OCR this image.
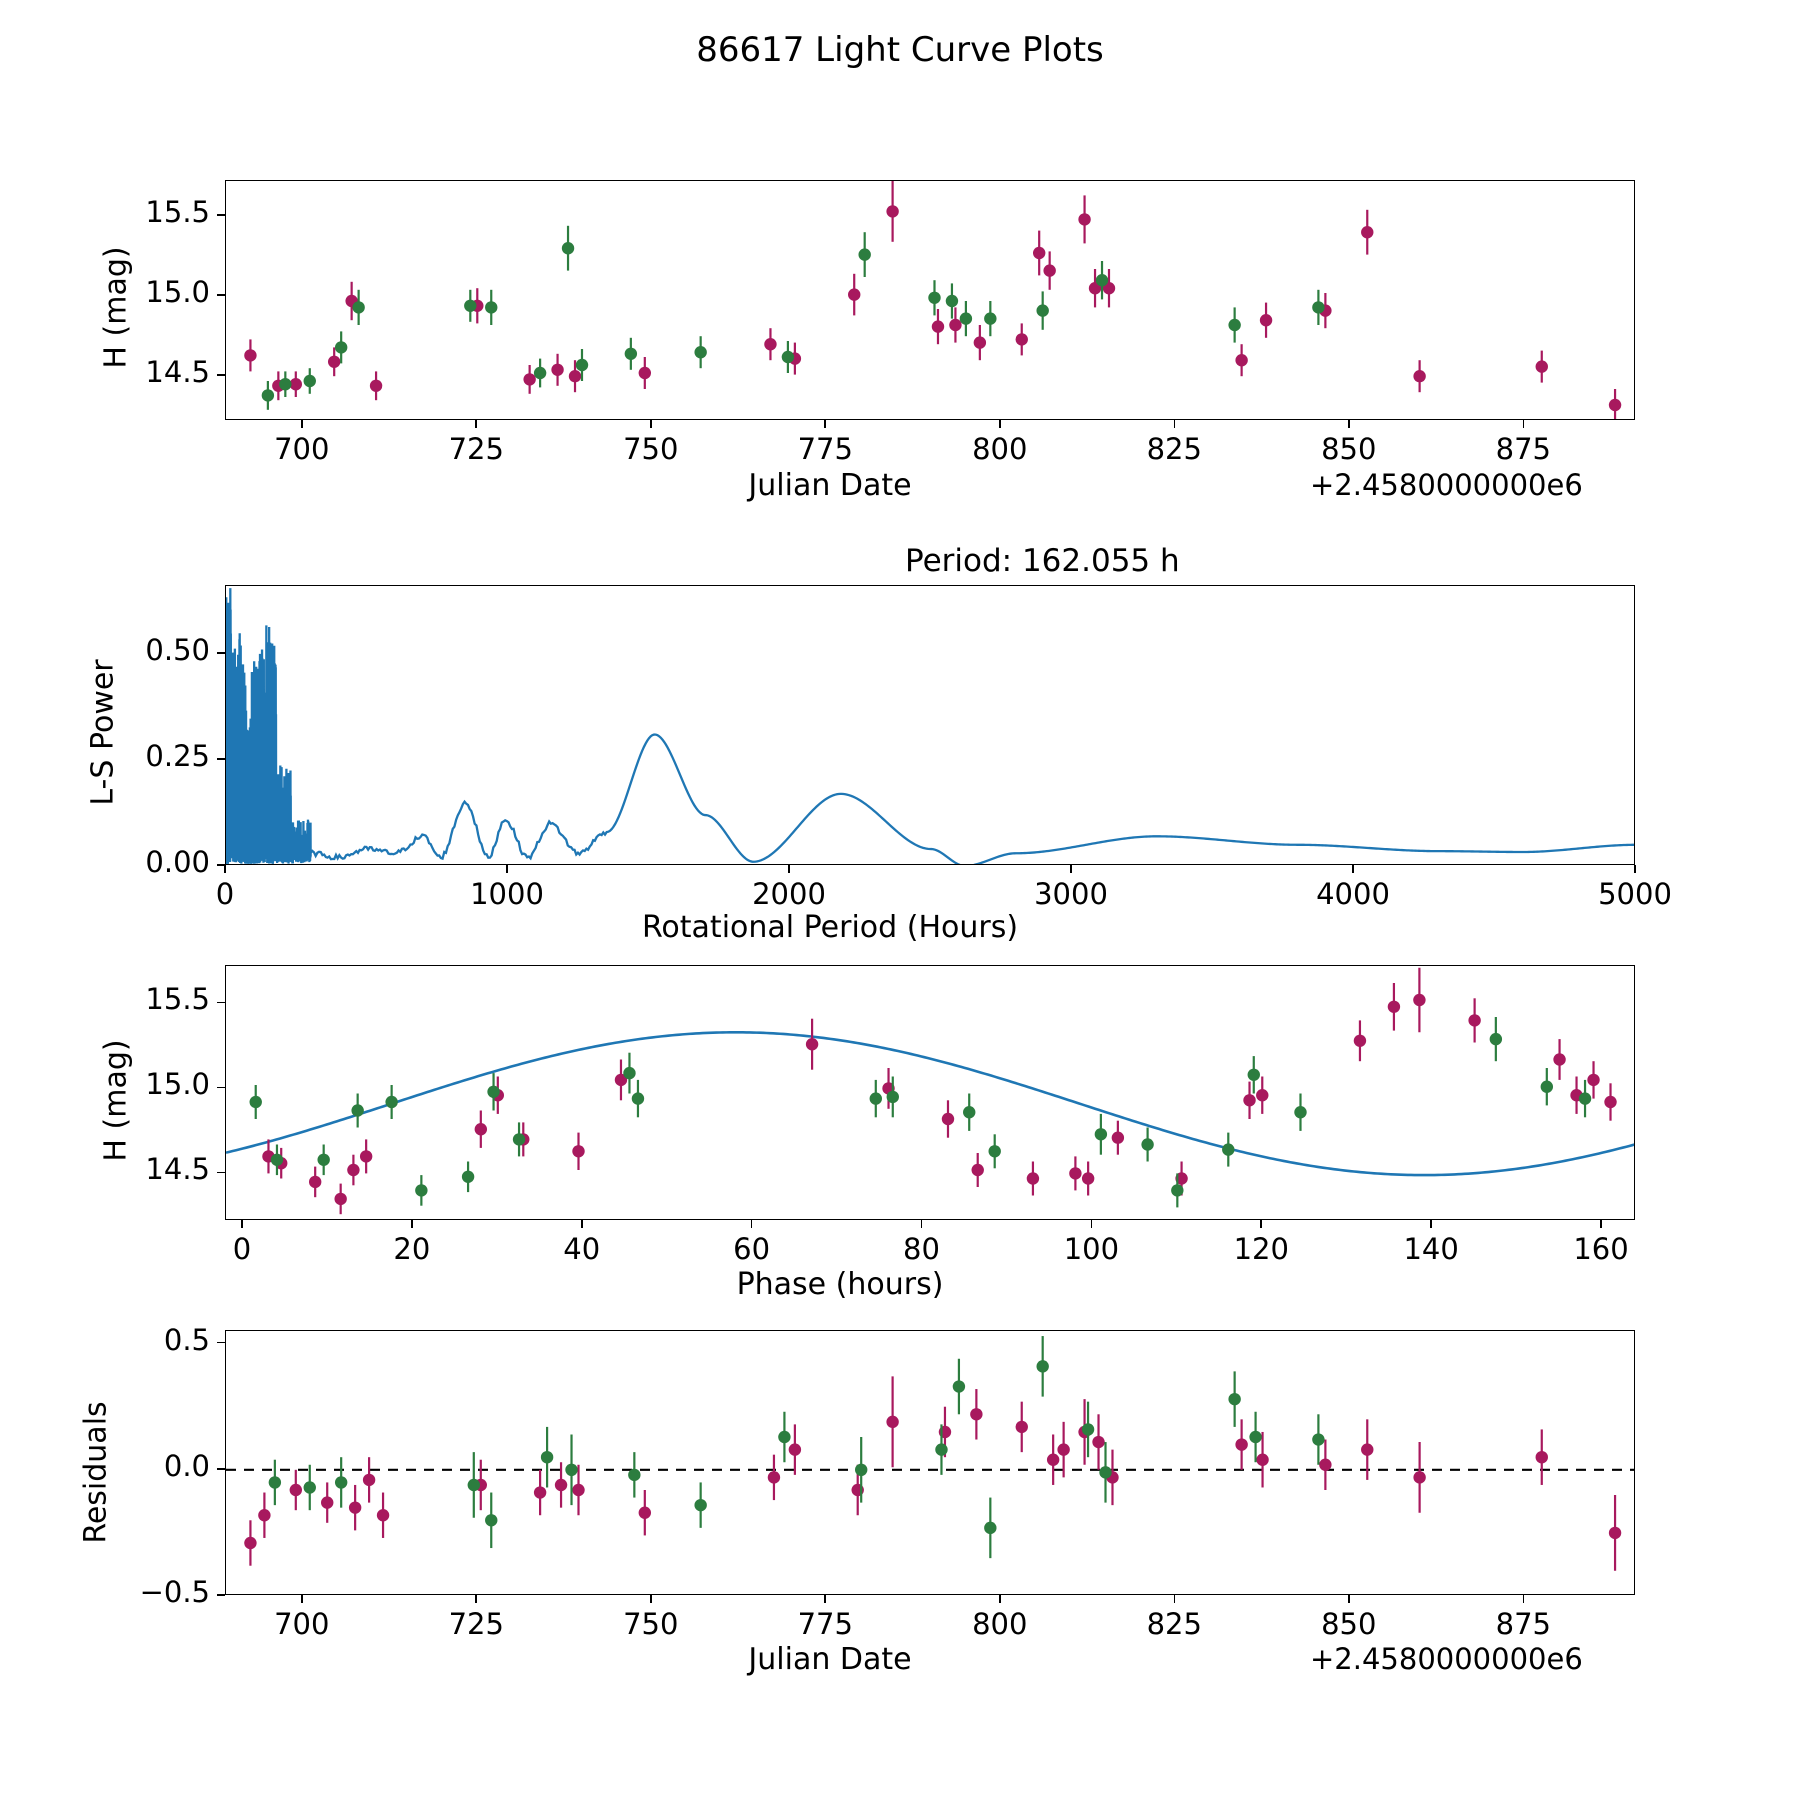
86617 Light Curve Plots
H (mag)
Julian Date	+2.4580000000e6
700	725	750	775	800	825	850	875
14.5
15.0
15.5
L-S Power
Rotational Period (Hours)
Period: 162.055 h
0	1000	2000	3000	4000	5000
0.00
0.25
0.50
H (mag)
Phase (hours)
0	20	40	60	80	100	120	140	160
14.5
15.0
15.5
Residuals
Julian Date	+2.4580000000e6
700	725	750	775	800	825	850	875
−0.5
0.0
0.5
